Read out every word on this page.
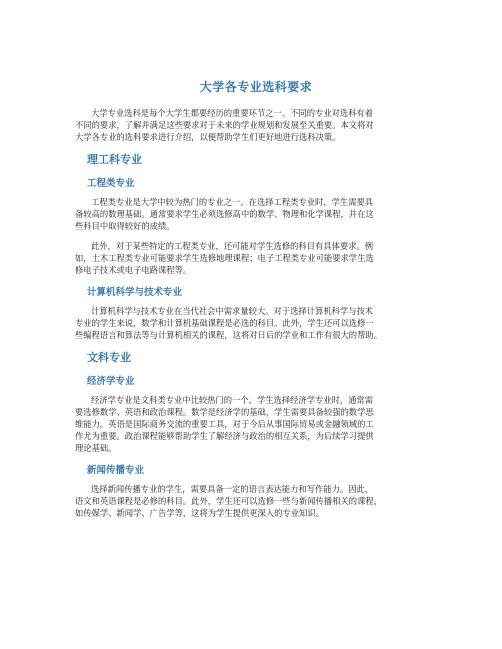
大学各专业选科要求

大学专业选科是每个大学生都要经历的重要环节之一。不同的专业对选科有着
不同的要求，了解并满足这些要求对于未来的学业规划和发展至关重要。本文将对
大学各专业的选科要求进行介绍，以便帮助学生们更好地进行选科决策。

理工科专业
工程类专业

工程类专业是大学中较为热门的专业之一。在选择工程类专业时，学生需要具
备较高的数理基础。通常要求学生必须选修高中的数学、物理和化学课程，并在这
些科目中取得较好的成绩。

此外，对于某些特定的工程类专业，还可能对学生选修的科目有具体要求。例
如，土木工程类专业可能要求学生选修地理课程；电子工程类专业可能要求学生选
修电子技术或电子电路课程等。

计算机科学与技术专业

计算机科学与技术专业在当代社会中需求量较大。对于选择计算机科学与技术
专业的学生来说，数学和计算机基础课程是必选的科目。此外，学生还可以选修一
些编程语言和算法等与计算机相关的课程，这将对日后的学业和工作有很大的帮助。

文科专业
经济学专业

经济学专业是文科类专业中比较热门的一个。学生选择经济学专业时，通常需
要选修数学、英语和政治课程。数学是经济学的基础，学生需要具备较强的数学思
维能力。英语是国际商务交流的重要工具，对于今后从事国际贸易或金融领域的工
作尤为重要。政治课程能够帮助学生了解经济与政治的相互关系，为后续学习提供
理论基础。

新闻传播专业

选择新闻传播专业的学生，需要具备一定的语言表达能力和写作能力。因此，
语文和英语课程是必修的科目。此外，学生还可以选修一些与新闻传播相关的课程，
如传媒学、新闻学、广告学等，这将为学生提供更深入的专业知识。
